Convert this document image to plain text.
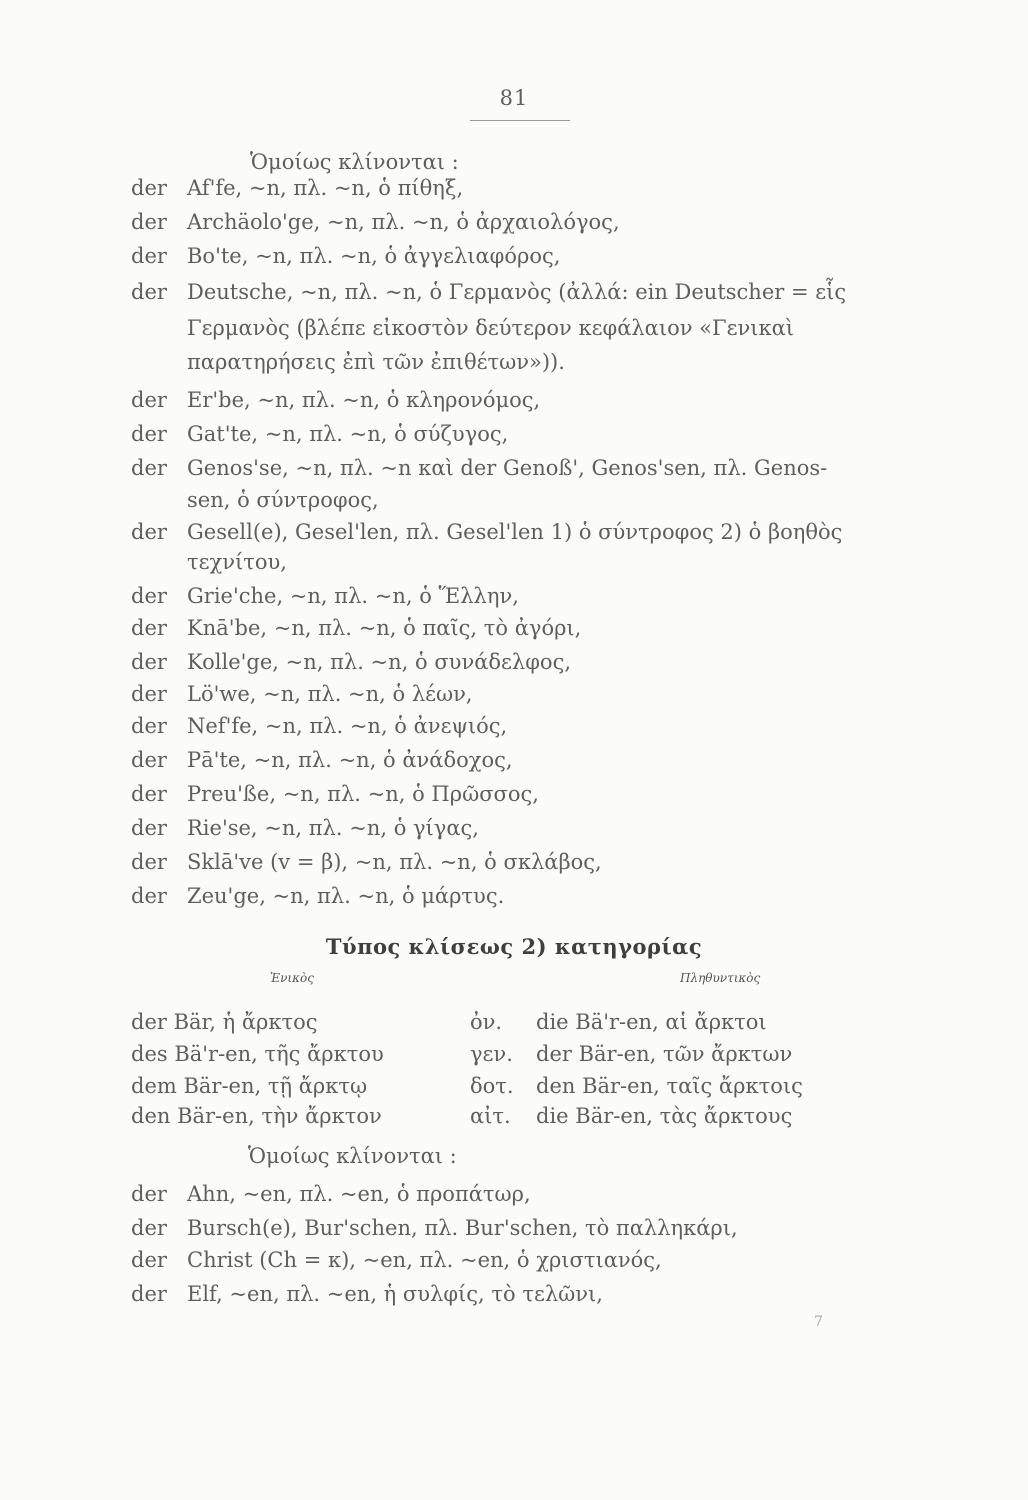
81
Ὁμοίως κλίνονται :
der Af'fe, ~n, πλ. ~n, ὁ πίθηξ,
der Archäolo'ge, ~n, πλ. ~n, ὁ ἀρχαιολόγος,
der Bo'te, ~n, πλ. ~n, ὁ ἀγγελιαφόρος,
der Deutsche, ~n, πλ. ~n, ὁ Γερμανὸς (ἀλλά: ein Deutscher = εἷς
Γερμανὸς (βλέπε εἰκοστὸν δεύτερον κεφάλαιον «Γενικαὶ
παρατηρήσεις ἐπὶ τῶν ἐπιθέτων»)).
der Er'be, ~n, πλ. ~n, ὁ κληρονόμος,
der Gat'te, ~n, πλ. ~n, ὁ σύζυγος,
der Genos'se, ~n, πλ. ~n καὶ der Genoß', Genos'sen, πλ. Genos-
sen, ὁ σύντροφος,
der Gesell(e), Gesel'len, πλ. Gesel'len 1) ὁ σύντροφος 2) ὁ βοηθὸς
τεχνίτου,
der Grie'che, ~n, πλ. ~n, ὁ Ἕλλην,
der Knā'be, ~n, πλ. ~n, ὁ παῖς, τὸ ἀγόρι,
der Kolle'ge, ~n, πλ. ~n, ὁ συνάδελφος,
der Lö'we, ~n, πλ. ~n, ὁ λέων,
der Nef'fe, ~n, πλ. ~n, ὁ ἀνεψιός,
der Pā'te, ~n, πλ. ~n, ὁ ἀνάδοχος,
der Preu'ße, ~n, πλ. ~n, ὁ Πρῶσσος,
der Rie'se, ~n, πλ. ~n, ὁ γίγας,
der Sklā've (v = β), ~n, πλ. ~n, ὁ σκλάβος,
der Zeu'ge, ~n, πλ. ~n, ὁ μάρτυς.
Τύπος κλίσεως 2) κατηγορίας
Ἑνικὸς	Πληθυντικὸς
der Bär, ἡ ἄρκτος
des Bä'r-en, τῆς ἄρκτου
dem Bär-en, τῇ ἄρκτῳ
den Bär-en, τὴν ἄρκτον
ὀν. die Bä'r-en, αἱ ἄρκτοι
γεν. der Bär-en, τῶν ἄρκτων
δοτ. den Bär-en, ταῖς ἄρκτοις
αἰτ. die Bär-en, τὰς ἄρκτους
Ὁμοίως κλίνονται :
der Ahn, ~en, πλ. ~en, ὁ προπάτωρ,
der Bursch(e), Bur'schen, πλ. Bur'schen, τὸ παλληκάρι,
der Christ (Ch = κ), ~en, πλ. ~en, ὁ χριστιανός,
der Elf, ~en, πλ. ~en, ἡ συλφίς, τὸ τελῶνι,
7
